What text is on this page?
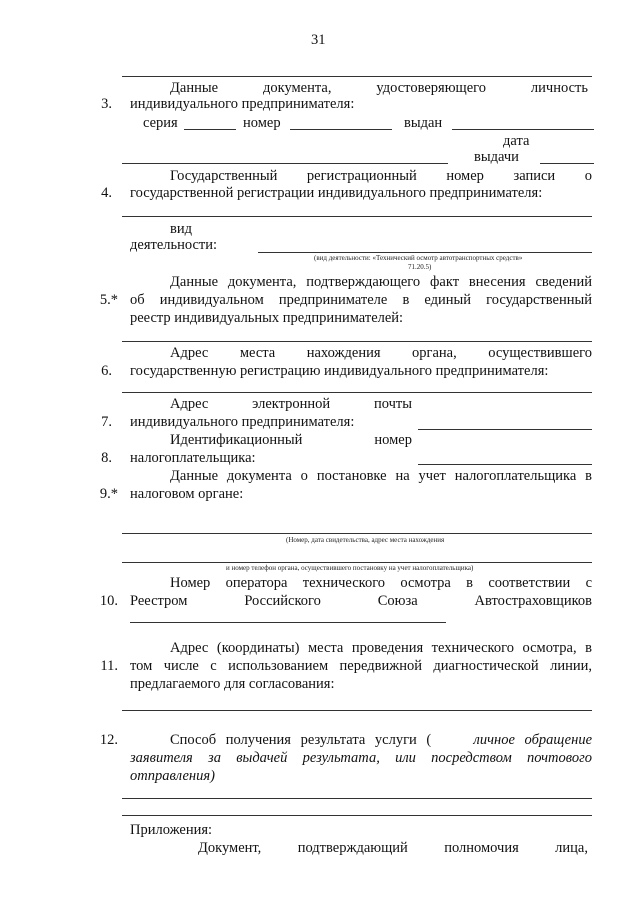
31
Данные	документа,	удостоверяющего	личность
3. индивидуального предпринимателя:
серия	номер	выдан
дата
выдачи
Государственный регистрационный номер записи о
4. государственной регистрации индивидуального предпринимателя:
вид
деятельности:
(вид деятельности: «Технический осмотр автотранспортных средств»
71.20.5)
Данные документа, подтверждающего факт внесения сведений
5.* об индивидуальном предпринимателе в единый государственный
реестр индивидуальных предпринимателей:
Адрес места нахождения органа, осуществившего
6. государственную регистрацию индивидуального предпринимателя:
Адрес	электронной	почты
7. индивидуального предпринимателя:
Идентификационный	номер
8. налогоплательщика:
Данные документа о постановке на учет налогоплательщика в
9.* налоговом органе:
(Номер, дата свидетельства, адрес места нахождения
и номер телефон органа, осуществившего постановку на учет налогоплательщика)
Номер оператора технического осмотра в соответствии с
10. Реестром	Российского	Союза	Автостраховщиков
Адрес (координаты) места проведения технического осмотра, в
11. том числе с использованием передвижной диагностической линии,
предлагаемого для согласования:
12.	Способ получения результата услуги (	личное обращение
заявителя за выдачей результата, или посредством почтового
отправления)
Приложения:
Документ,	подтверждающий	полномочия	лица,
